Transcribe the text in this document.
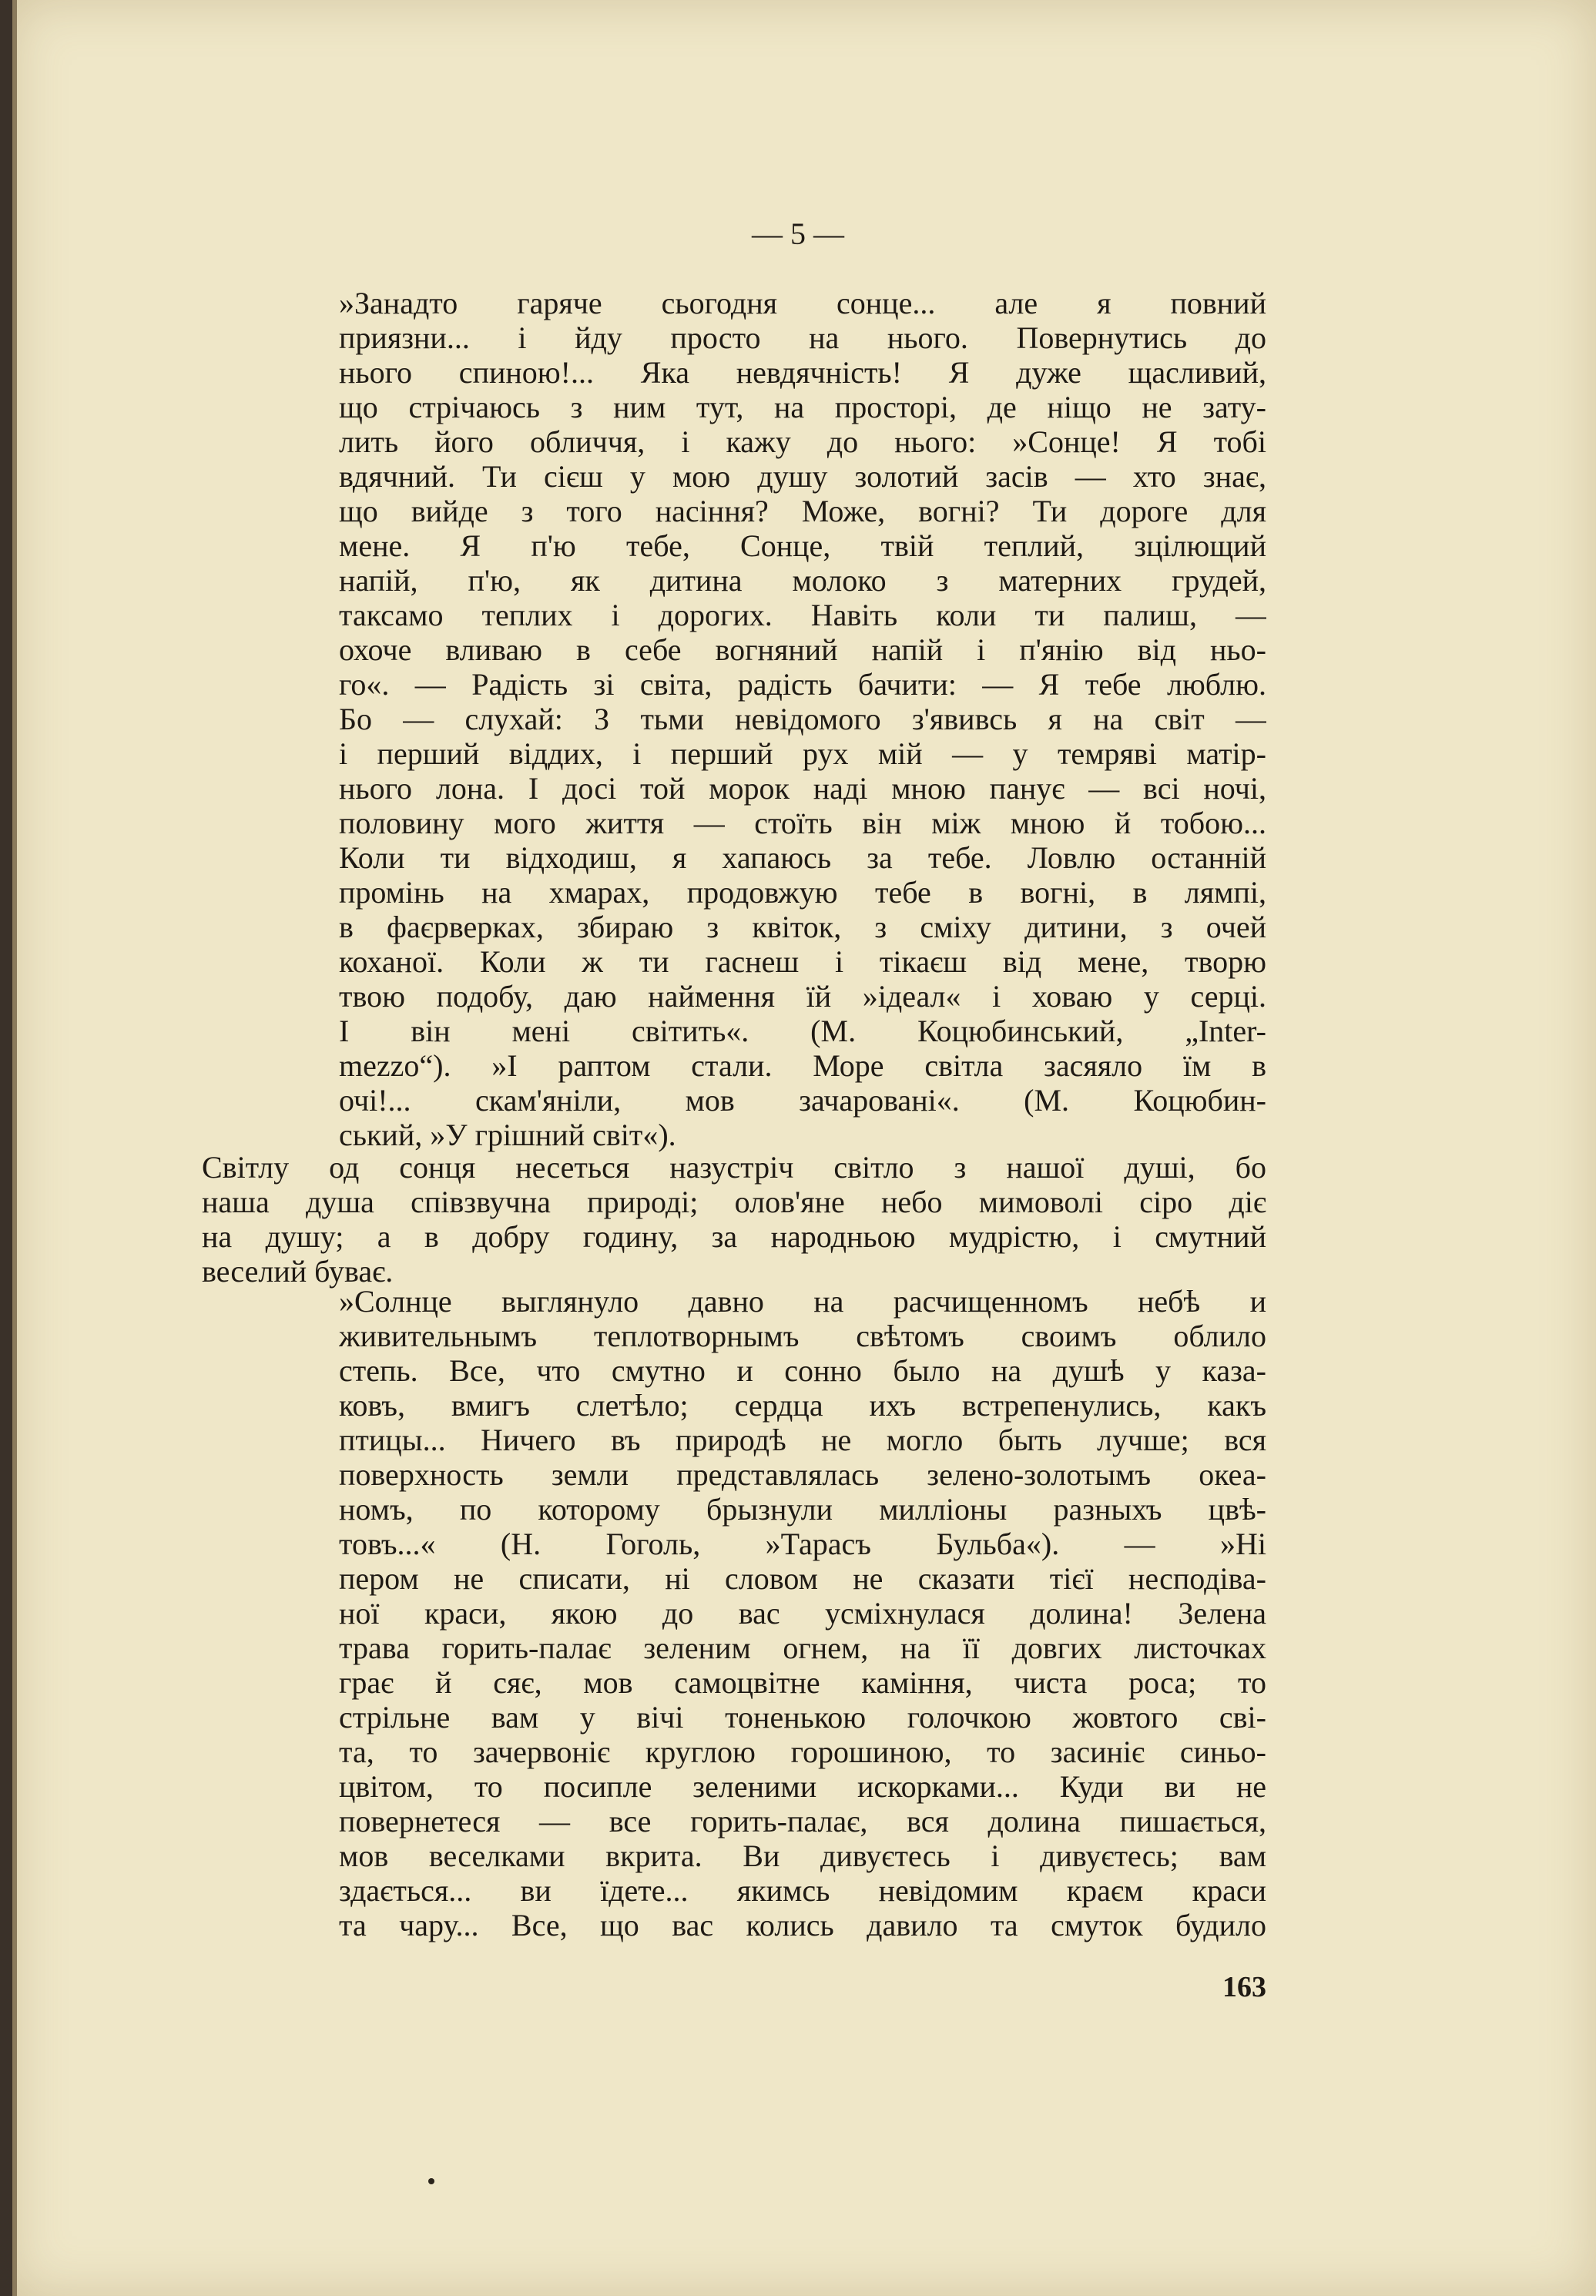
— 5 —
»Занадто гаряче сьогодня сонце... але я повний
приязни... і йду просто на нього. Повернутись до
нього спиною!... Яка невдячність! Я дуже щасливий,
що стрічаюсь з ним тут, на просторі, де ніщо не зату-
лить його обличчя, і кажу до нього: »Сонце! Я тобі
вдячний. Ти сієш у мою душу золотий засів — хто знає,
що вийде з того насіння? Може, вогні? Ти дороге для
мене. Я п'ю тебе, Сонце, твій теплий, зцілющий
напій, п'ю, як дитина молоко з матерних грудей,
таксамо теплих і дорогих. Навіть коли ти палиш, —
охоче вливаю в себе вогняний напій і п'янію від ньо-
го«. — Радість зі світа, радість бачити: — Я тебе люблю.
Бо — слухай: З тьми невідомого з'явивсь я на світ —
і перший віддих, і перший рух мій — у темряві матір-
нього лона. І досі той морок наді мною панує — всі ночі,
половину мого життя — стоїть він між мною й тобою...
Коли ти відходиш, я хапаюсь за тебе. Ловлю останній
промінь на хмарах, продовжую тебе в вогні, в лямпі,
в фаєрверках, збираю з квіток, з сміху дитини, з очей
коханої. Коли ж ти гаснеш і тікаєш від мене, творю
твою подобу, даю наймення їй »ідеал« і ховаю у серці.
І він мені світить«. (М. Коцюбинський, „Inter-
mezzo“). »І раптом стали. Море світла засяяло їм в
очі!... скам'яніли, мов зачаровані«. (М. Коцюбин-
ський, »У грішний світ«).
Світлу од сонця несеться назустріч світло з нашої душі, бо
наша душа співзвучна природі; олов'яне небо мимоволі сіро діє
на душу; а в добру годину, за народньою мудрістю, і смутний
веселий буває.
»Солнце выглянуло давно на расчищенномъ небѣ и
живительнымъ теплотворнымъ свѣтомъ своимъ облило
степь. Все, что смутно и сонно было на душѣ у каза-
ковъ, вмигъ слетѣло; сердца ихъ встрепенулись, какъ
птицы... Ничего въ природѣ не могло быть лучше; вся
поверхность земли представлялась зелено-золотымъ океа-
номъ, по которому брызнули миллiоны разныхъ цвѣ-
товъ...« (Н. Гоголь, »Тарасъ Бульба«). — »Ні
пером не списати, ні словом не сказати тієї несподіва-
ної краси, якою до вас усміхнулася долина! Зелена
трава горить-палає зеленим огнем, на її довгих листочках
грає й сяє, мов самоцвітне каміння, чиста роса; то
стрільне вам у вічі тоненькою голочкою жовтого сві-
та, то зачервоніє круглою горошиною, то засиніє синьо-
цвітом, то посипле зеленими искорками... Куди ви не
повернетеся — все горить-палає, вся долина пишається,
мов веселками вкрита. Ви дивуєтесь і дивуєтесь; вам
здається... ви їдете... якимсь невідомим краєм краси
та чару... Все, що вас колись давило та смуток будило
163
